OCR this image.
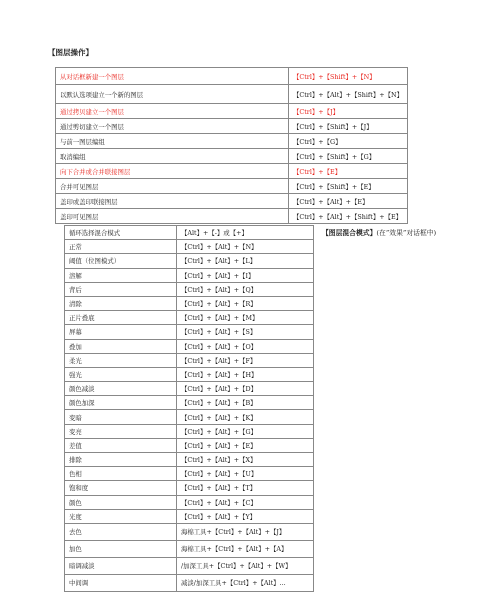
【图层操作】
从对话框新建一个图层	【Ctrl】+【Shift】+【N】
以默认选项建立一个新的图层	【Ctrl】+【Alt】+【Shift】+【N】
通过拷贝建立一个图层	【Ctrl】+【J】
通过剪切建立一个图层	【Ctrl】+【Shift】+【J】
与前一图层编组	【Ctrl】+【G】
取消编组	【Ctrl】+【Shift】+【G】
向下合并或合并联接图层	【Ctrl】+【E】
合并可见图层	【Ctrl】+【Shift】+【E】
盖印或盖印联接图层	【Ctrl】+【Alt】+【E】
盖印可见图层	【Ctrl】+【Alt】+【Shift】+【E】
【图层混合模式】(在”效果”对话框中)
循环选择混合模式	【Alt】+【-】或【+】
正常	【Ctrl】+【Alt】+【N】
阈值（位图模式）	【Ctrl】+【Alt】+【L】
溶解	【Ctrl】+【Alt】+【I】
背后	【Ctrl】+【Alt】+【Q】
清除	【Ctrl】+【Alt】+【R】
正片叠底	【Ctrl】+【Alt】+【M】
屏幕	【Ctrl】+【Alt】+【S】
叠加	【Ctrl】+【Alt】+【O】
柔光	【Ctrl】+【Alt】+【F】
强光	【Ctrl】+【Alt】+【H】
颜色减淡	【Ctrl】+【Alt】+【D】
颜色加深	【Ctrl】+【Alt】+【B】
变暗	【Ctrl】+【Alt】+【K】
变亮	【Ctrl】+【Alt】+【G】
差值	【Ctrl】+【Alt】+【E】
排除	【Ctrl】+【Alt】+【X】
色相	【Ctrl】+【Alt】+【U】
饱和度	【Ctrl】+【Alt】+【T】
颜色	【Ctrl】+【Alt】+【C】
光度	【Ctrl】+【Alt】+【Y】
去色	海棉工具+【Ctrl】+【Alt】+【J】
加色	海棉工具+【Ctrl】+【Alt】+【A】
暗调减淡	/加深工具+【Ctrl】+【Alt】+【W】
中间调	减淡/加深工具+【Ctrl】+【Alt】...
